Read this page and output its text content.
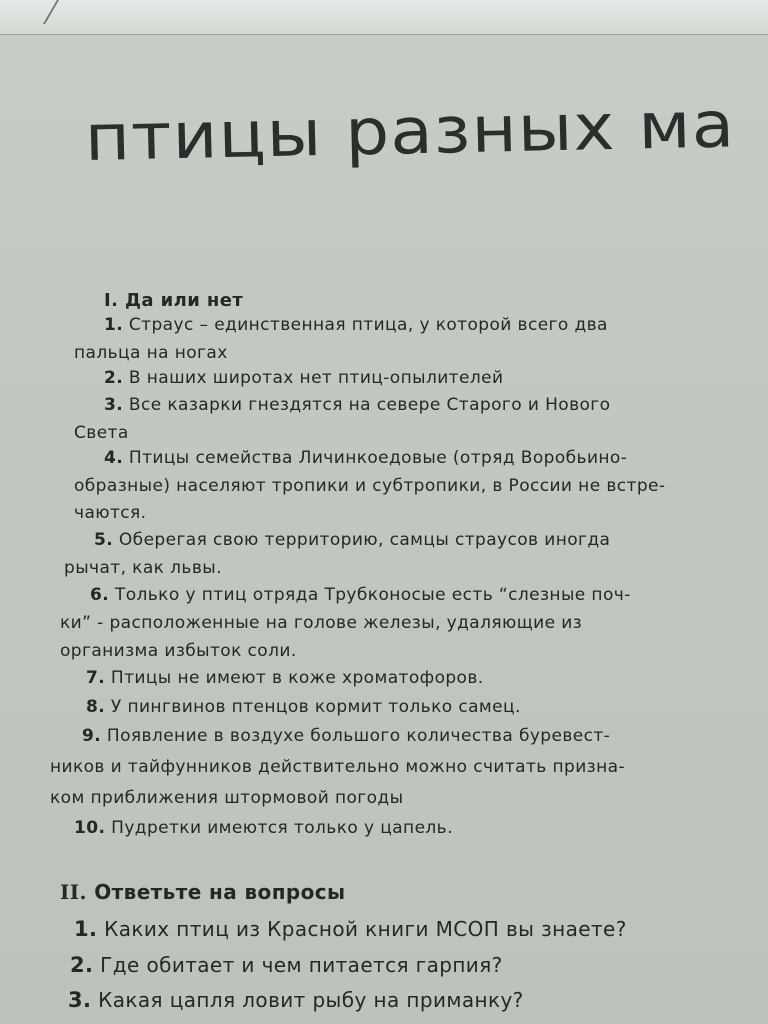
птицы разных ма
I. Да или нет
1. Страус – единственная птица, у которой всего два
пальца на ногах
2. В наших широтах нет птиц-опылителей
3. Все казарки гнездятся на севере Старого и Нового
Света
4. Птицы семейства Личинкоедовые (отряд Воробьино-
образные) населяют тропики и субтропики, в России не встре-
чаются.
5. Оберегая свою территорию, самцы страусов иногда
рычат, как львы.
6. Только у птиц отряда Трубконосые есть “слезные поч-
ки” - расположенные на голове железы, удаляющие из
организма избыток соли.
7. Птицы не имеют в коже хроматофоров.
8. У пингвинов птенцов кормит только самец.
9. Появление в воздухе большого количества буревест-
ников и тайфунников действительно можно считать призна-
ком приближения штормовой погоды
10. Пудретки имеются только у цапель.
II. Ответьте на вопросы
1. Каких птиц из Красной книги МСОП вы знаете?
2. Где обитает и чем питается гарпия?
3. Какая цапля ловит рыбу на приманку?
